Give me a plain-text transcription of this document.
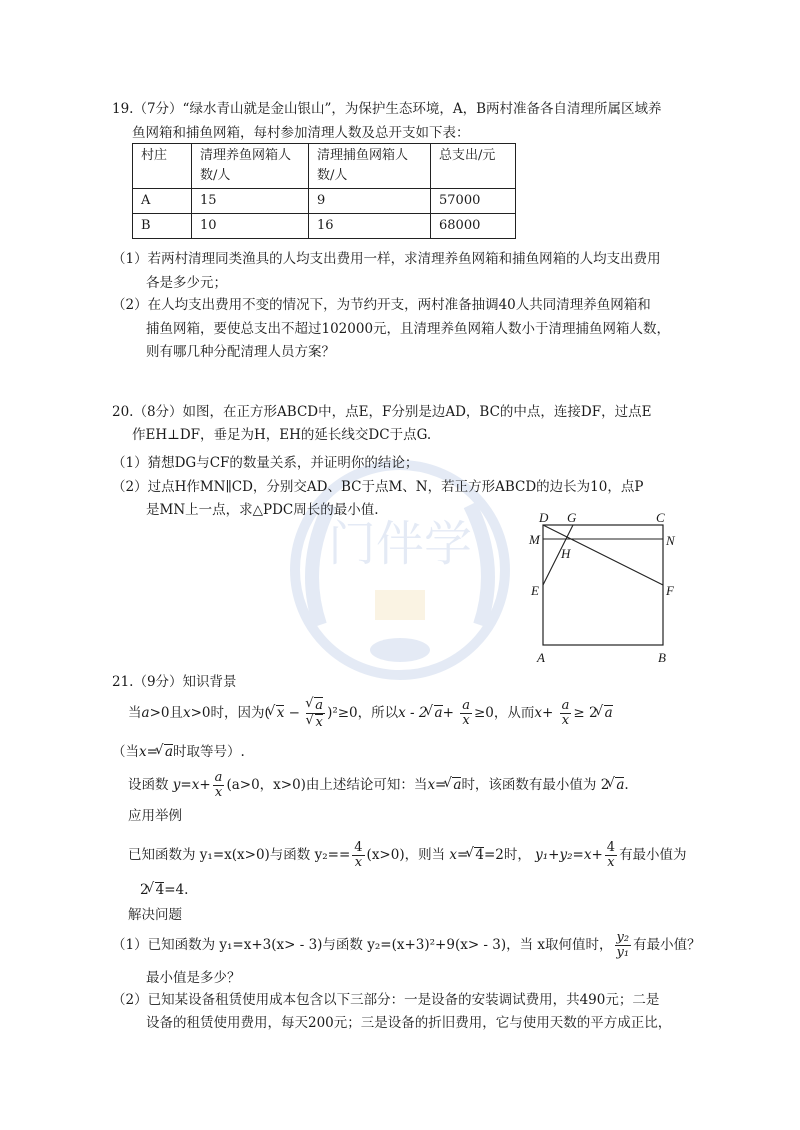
门伴学
19.（7分）“绿水青山就是金山银山”，为保护生态环境，A，B两村准备各自清理所属区域养
鱼网箱和捕鱼网箱，每村参加清理人数及总开支如下表：
村庄	清理养鱼网箱人
数/人	清理捕鱼网箱人
数/人	总支出/元
A	15	9	57000
B	10	16	68000
（1）若两村清理同类渔具的人均支出费用一样，求清理养鱼网箱和捕鱼网箱的人均支出费用
各是多少元；
（2）在人均支出费用不变的情况下，为节约开支，两村准备抽调40人共同清理养鱼网箱和
捕鱼网箱，要使总支出不超过102000元，且清理养鱼网箱人数小于清理捕鱼网箱人数，
则有哪几种分配清理人员方案？
20.（8分）如图，在正方形ABCD中，点E，F分别是边AD，BC的中点，连接DF，过点E
作EH⊥DF，垂足为H，EH的延长线交DC于点G.
（1）猜想DG与CF的数量关系，并证明你的结论；
（2）过点H作MN∥CD，分别交AD、BC于点M、N，若正方形ABCD的边长为10，点P
是MN上一点，求△PDC周长的最小值.	D G	C
M
H
N
E	F
A	B
21.（9分）知识背景
当a>0且x>0时，因为( √ x − √ a
√ x )²≥0，所以x - 2 √ $a+ \frac{a}{x} \ge 0$，从而$x+ \frac{a}{x} \ge 2$ √ a
（当x= √ a时取等号）.
设函数 $y=x+ \frac{a}{x} (a>0$，x>0)由上述结论可知：当x= √ a时，该函数有最小值为 2 √ a.
应用举例
已知函数为 y₁=x(x>0)与函数 $y_2== \frac{4}{x} (x>0)$，则当 x= √ 4=2时， $y_1+y_2=x+ \frac{4}{x}$ 有最小值为
2 √ 4=4.
解决问题
（1）已知函数为 y₁=x+3(x> - 3)与函数 y₂=(x+3)²+9(x> - 3)，当 x取何值时， $\frac{\text{y₂}}{\text{y₁}}$ 有最小值？
最小值是多少？
（2）已知某设备租赁使用成本包含以下三部分：一是设备的安装调试费用，共490元；二是
设备的租赁使用费用，每天200元；三是设备的折旧费用，它与使用天数的平方成正比，
